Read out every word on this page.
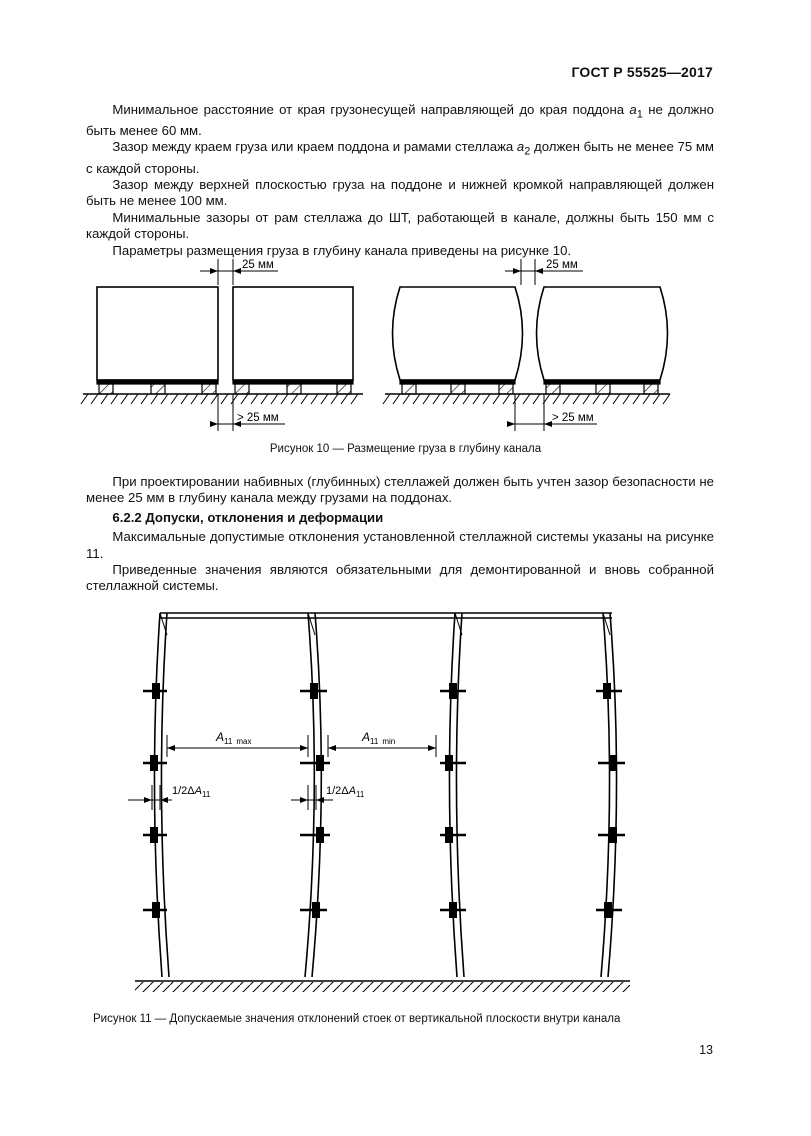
ГОСТ Р 55525—2017

  Минимальное расстояние от края грузонесущей направляющей до края поддона $a_1$ не должно быть менее 60 мм.

  Зазор между краем груза или краем поддона и рамами стеллажа $a_2$ должен быть не менее 75 мм с каждой стороны.

  Зазор между верхней плоскостью груза на поддоне и нижней кромкой направляющей должен быть не менее 100 мм.

  Минимальные зазоры от рам стеллажа до ШТ, работающей в канале, должны быть 150 мм с каждой стороны.

  Параметры размещения груза в глубину канала приведены на рисунке 10.

25 мм	25 мм
> 25 мм	> 25 мм
Рисунок 10 — Размещение груза в глубину канала

  При проектировании набивных (глубинных) стеллажей должен быть учтен зазор безопасности не менее 25 мм в глубину канала между грузами на поддонах.

  6.2.2 Допуски, отклонения и деформации

  Максимальные допустимые отклонения установленной стеллажной системы указаны на рисунке 11.

  Приведенные значения являются обязательными для демонтированной и вновь собранной стеллажной системы.

$A_{11}$ max	$A_{11}$ min
$1/2\Delta A_{11}$	$1/2\Delta A_{11}$
Рисунок 11 — Допускаемые значения отклонений стоек от вертикальной плоскости внутри канала
13
